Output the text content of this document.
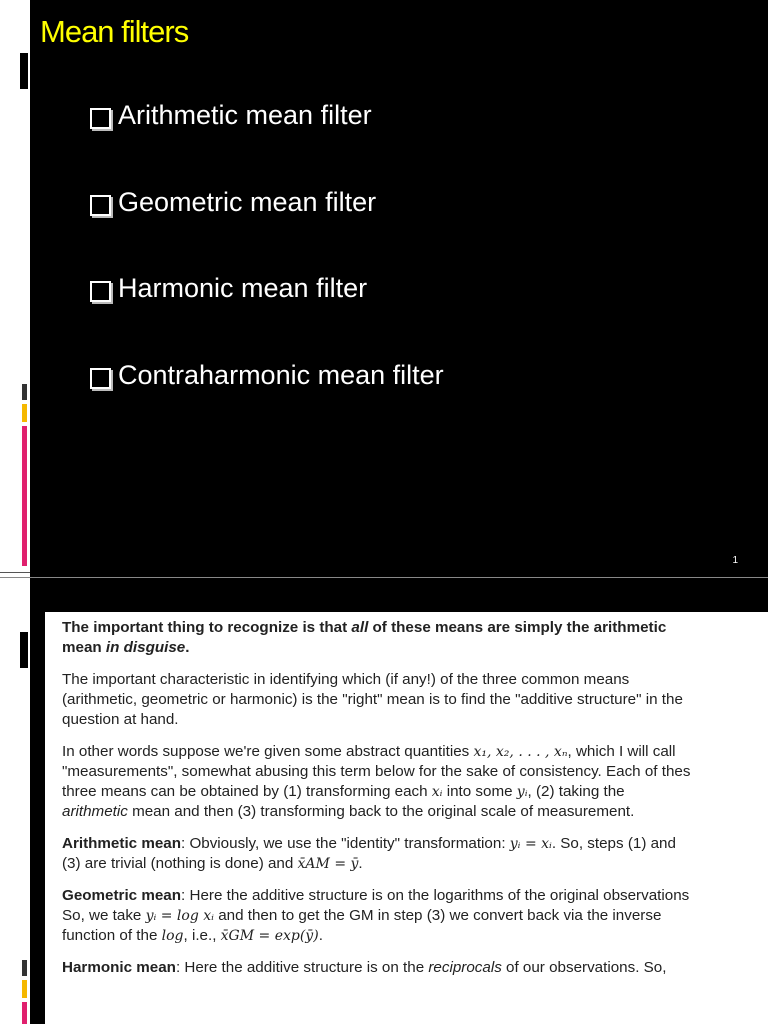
Mean filters
Arithmetic mean filter
Geometric mean filter
Harmonic mean filter
Contraharmonic mean filter
1

The important thing to recognize is that all of these means are simply the arithmetic
mean in disguise.

The important characteristic in identifying which (if any!) of the three common means
(arithmetic, geometric or harmonic) is the "right" mean is to find the "additive structure" in the
question at hand.

In other words suppose we're given some abstract quantities x₁, x₂, . . . , xₙ, which I will call
"measurements", somewhat abusing this term below for the sake of consistency. Each of thes
three means can be obtained by (1) transforming each xᵢ into some yᵢ, (2) taking the
arithmetic mean and then (3) transforming back to the original scale of measurement.

Arithmetic mean: Obviously, we use the "identity" transformation: yᵢ = xᵢ. So, steps (1) and
(3) are trivial (nothing is done) and x̄AM = ȳ.

Geometric mean: Here the additive structure is on the logarithms of the original observations
So, we take yᵢ = log xᵢ and then to get the GM in step (3) we convert back via the inverse
function of the log, i.e., x̄GM = exp(ȳ).

Harmonic mean: Here the additive structure is on the reciprocals of our observations. So,
